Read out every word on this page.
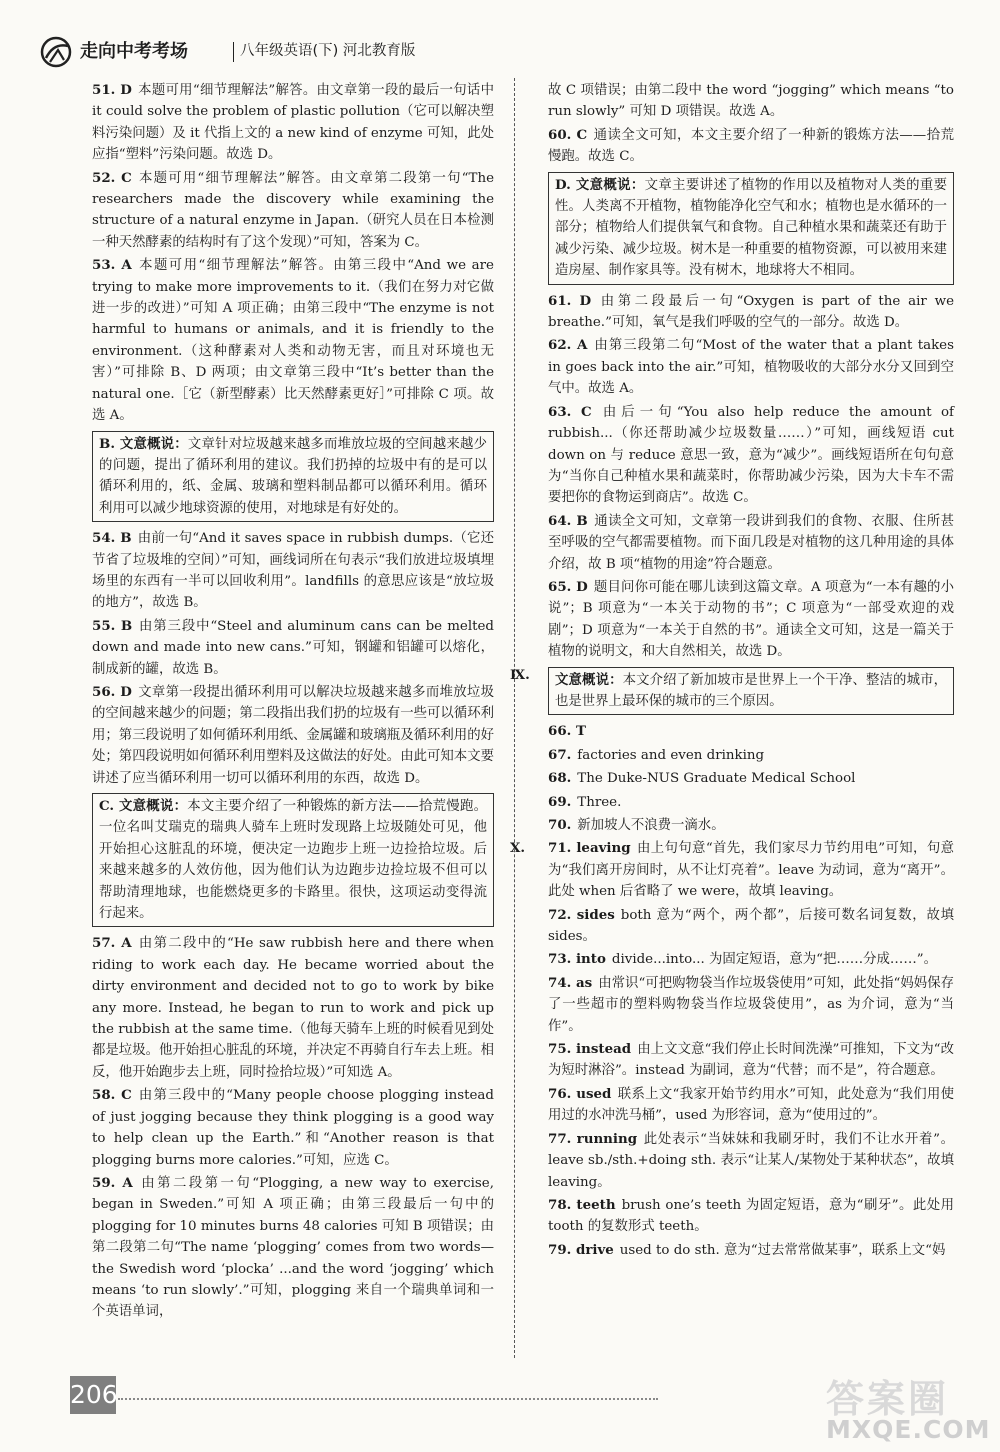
走向中考考场	八年级英语(下) 河北教育版
51. D 本题可用“细节理解法”解答。由文章第一段的最后一句话中 it could solve the problem of plastic pollution（它可以解决塑料污染问题）及 it 代指上文的 a new kind of enzyme 可知，此处应指“塑料”污染问题。故选 D。
52. C 本题可用“细节理解法”解答。由文章第二段第一句“The researchers made the discovery while examining the structure of a natural enzyme in Japan.（研究人员在日本检测一种天然酵素的结构时有了这个发现）”可知，答案为 C。
53. A 本题可用“细节理解法”解答。由第三段中“And we are trying to make more improvements to it.（我们在努力对它做进一步的改进）”可知 A 项正确；由第三段中“The enzyme is not harmful to humans or animals, and it is friendly to the environment.（这种酵素对人类和动物无害，而且对环境也无害）”可排除 B、D 两项；由文章第三段中“It’s better than the natural one.［它（新型酵素）比天然酵素更好］”可排除 C 项。故选 A。
B. 文意概说：文章针对垃圾越来越多而堆放垃圾的空间越来越少的问题，提出了循环利用的建议。我们扔掉的垃圾中有的是可以循环利用的，纸、金属、玻璃和塑料制品都可以循环利用。循环利用可以减少地球资源的使用，对地球是有好处的。
54. B 由前一句“And it saves space in rubbish dumps.（它还节省了垃圾堆的空间）”可知，画线词所在句表示“我们放进垃圾填埋场里的东西有一半可以回收利用”。landfills 的意思应该是“放垃圾的地方”，故选 B。
55. B 由第三段中“Steel and aluminum cans can be melted down and made into new cans.”可知，钢罐和铝罐可以熔化，制成新的罐，故选 B。
56. D 文章第一段提出循环利用可以解决垃圾越来越多而堆放垃圾的空间越来越少的问题；第二段指出我们扔的垃圾有一些可以循环利用；第三段说明了如何循环利用纸、金属罐和玻璃瓶及循环利用的好处；第四段说明如何循环利用塑料及这做法的好处。由此可知本文要讲述了应当循环利用一切可以循环利用的东西，故选 D。
C. 文意概说：本文主要介绍了一种锻炼的新方法——拾荒慢跑。一位名叫艾瑞克的瑞典人骑车上班时发现路上垃圾随处可见，他开始担心这脏乱的环境，便决定一边跑步上班一边捡拾垃圾。后来越来越多的人效仿他，因为他们认为边跑步边捡垃圾不但可以帮助清理地球，也能燃烧更多的卡路里。很快，这项运动变得流行起来。
57. A 由第二段中的“He saw rubbish here and there when riding to work each day. He became worried about the dirty environment and decided not to go to work by bike any more. Instead, he began to run to work and pick up the rubbish at the same time.（他每天骑车上班的时候看见到处都是垃圾。他开始担心脏乱的环境，并决定不再骑自行车去上班。相反，他开始跑步去上班，同时捡拾垃圾）”可知选 A。
58. C 由第三段中的“Many people choose plogging instead of just jogging because they think plogging is a good way to help clean up the Earth.”和“Another reason is that plogging burns more calories.”可知，应选 C。
59. A 由第二段第一句“Plogging, a new way to exercise, began in Sweden.”可知 A 项正确；由第三段最后一句中的 plogging for 10 minutes burns 48 calories 可知 B 项错误；由第二段第二句“The name ‘plogging’ comes from two words—the Swedish word ‘plocka’ ...and the word ‘jogging’ which means ‘to run slowly’.”可知，plogging 来自一个瑞典单词和一个英语单词，
故 C 项错误；由第二段中 the word “jogging” which means “to run slowly” 可知 D 项错误。故选 A。
60. C 通读全文可知，本文主要介绍了一种新的锻炼方法——拾荒慢跑。故选 C。
D. 文意概说：文章主要讲述了植物的作用以及植物对人类的重要性。人类离不开植物，植物能净化空气和水；植物也是水循环的一部分；植物给人们提供氧气和食物。自己种植水果和蔬菜还有助于减少污染、减少垃圾。树木是一种重要的植物资源，可以被用来建造房屋、制作家具等。没有树木，地球将大不相同。
61. D 由第二段最后一句“Oxygen is part of the air we breathe.”可知，氧气是我们呼吸的空气的一部分。故选 D。
62. A 由第三段第二句“Most of the water that a plant takes in goes back into the air.”可知，植物吸收的大部分水分又回到空气中。故选 A。
63. C 由后一句“You also help reduce the amount of rubbish...（你还帮助减少垃圾数量……）”可知，画线短语 cut down on 与 reduce 意思一致，意为“减少”。画线短语所在句句意为“当你自己种植水果和蔬菜时，你帮助减少污染，因为大卡车不需要把你的食物运到商店”。故选 C。
64. B 通读全文可知，文章第一段讲到我们的食物、衣服、住所甚至呼吸的空气都需要植物。而下面几段是对植物的这几种用途的具体介绍，故 B 项“植物的用途”符合题意。
65. D 题目问你可能在哪儿读到这篇文章。A 项意为“一本有趣的小说”；B 项意为“一本关于动物的书”；C 项意为“一部受欢迎的戏剧”；D 项意为“一本关于自然的书”。通读全文可知，这是一篇关于植物的说明文，和大自然相关，故选 D。
Ⅸ.	文意概说：本文介绍了新加坡市是世界上一个干净、整洁的城市，也是世界上最环保的城市的三个原因。
66. T
67. factories and even drinking
68. The Duke-NUS Graduate Medical School
69. Three.
70. 新加坡人不浪费一滴水。
Ⅹ.	71. leaving 由上句句意“首先，我们家尽力节约用电”可知，句意为“我们离开房间时，从不让灯亮着”。leave 为动词，意为“离开”。此处 when 后省略了 we were，故填 leaving。
72. sides both 意为“两个，两个都”，后接可数名词复数，故填 sides。
73. into divide...into... 为固定短语，意为“把……分成……”。
74. as 由常识“可把购物袋当作垃圾袋使用”可知，此处指“妈妈保存了一些超市的塑料购物袋当作垃圾袋使用”，as 为介词，意为“当作”。
75. instead 由上文文意“我们停止长时间洗澡”可推知，下文为“改为短时淋浴”。instead 为副词，意为“代替；而不是”，符合题意。
76. used 联系上文“我家开始节约用水”可知，此处意为“我们用使用过的水冲洗马桶”，used 为形容词，意为“使用过的”。
77. running 此处表示“当妹妹和我刷牙时，我们不让水开着”。leave sb./sth.+doing sth. 表示“让某人/某物处于某种状态”，故填 leaving。
78. teeth brush one’s teeth 为固定短语，意为“刷牙”。此处用 tooth 的复数形式 teeth。
79. drive used to do sth. 意为“过去常常做某事”，联系上文“妈
206	答案圈
MXQE.COM
